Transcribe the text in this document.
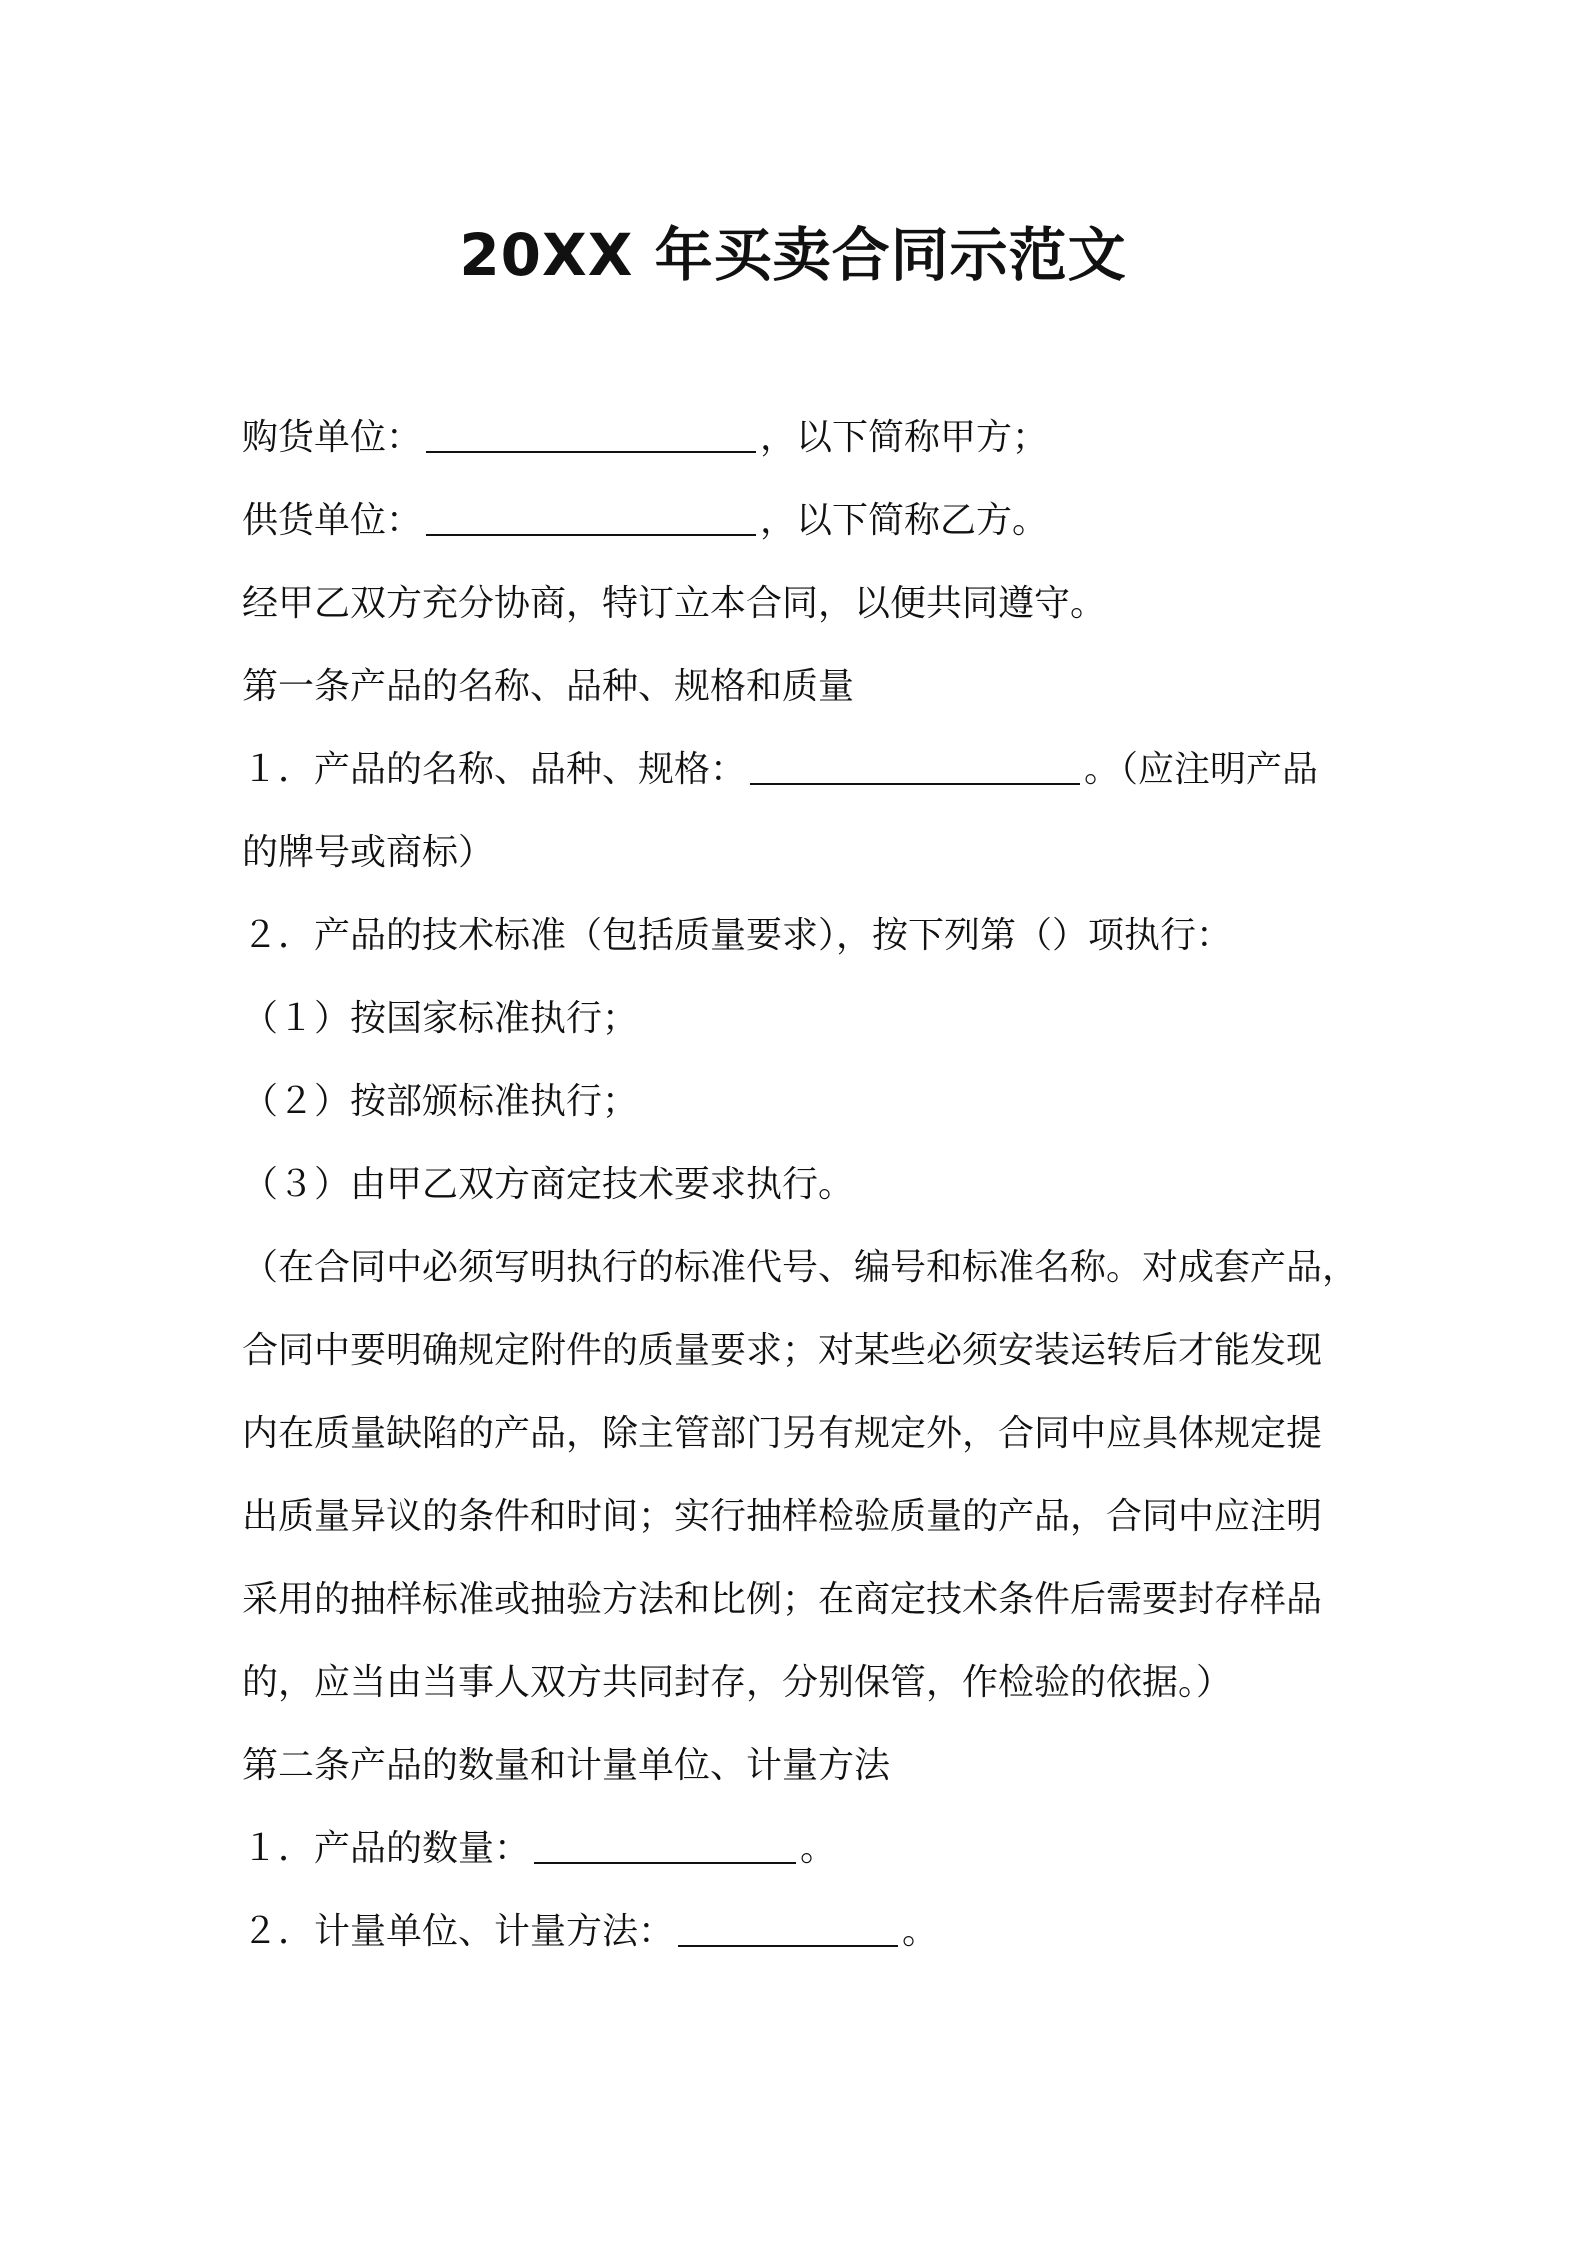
20XX 年买卖合同示范文

购货单位：	，以下简称甲方；

供货单位：	，以下简称乙方。

经甲乙双方充分协商，特订立本合同，以便共同遵守。

第一条产品的名称、品种、规格和质量

１．产品的名称、品种、规格：	。（应注明产品

的牌号或商标）

２．产品的技术标准（包括质量要求），按下列第（）项执行：

（１）按国家标准执行；

（２）按部颁标准执行；

（３）由甲乙双方商定技术要求执行。

（在合同中必须写明执行的标准代号、编号和标准名称。对成套产品，

合同中要明确规定附件的质量要求；对某些必须安装运转后才能发现

内在质量缺陷的产品，除主管部门另有规定外，合同中应具体规定提

出质量异议的条件和时间；实行抽样检验质量的产品，合同中应注明

采用的抽样标准或抽验方法和比例；在商定技术条件后需要封存样品

的，应当由当事人双方共同封存，分别保管，作检验的依据。）

第二条产品的数量和计量单位、计量方法

１．产品的数量：	。

２．计量单位、计量方法：	。
